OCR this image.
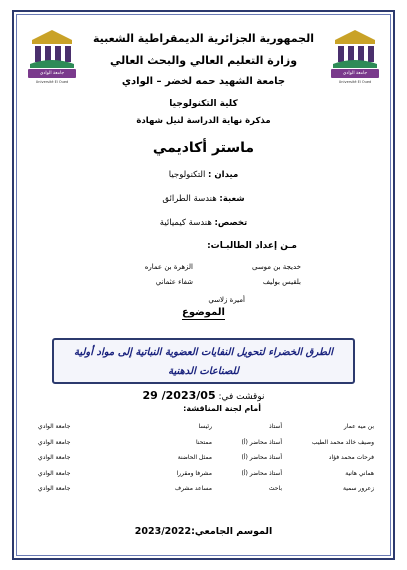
جامعة الوادي
Université El Oued
جامعة الوادي
Université El Oued
الجمهورية الجزائرية الديمقراطية الشعبية
وزارة التعليم العالي والبحث العالي
جامعة الشهيد حمه لخضر – الوادي
كلية التكنولوجيا
مذكرة نهاية الدراسة لنيل شهادة
ماستر أكاديمي
ميدان : التكنولوجيا
شعبة: هندسة الطرائق
تخصص: هندسة كيميائية
مـن إعداد الطالبـات:
خديجة بن موسى
الزهرة بن عماره
بلقيس بوليف
شفاء عثماني
أميرة زلاسي
الموضوع
الطرق الخضراء لتحويل النفايات العضوية النباتية إلى مواد أولية للصناعات الدهنية
نوقشت في: 2023/05/ 29
أمام لجنة المناقشة:
بن ميه عمار	أستاذ	رئيسا	جامعة الوادي
وصيف خالد محمد الطيب	أستاذ محاضر (أ)	ممتحنا	جامعة الوادي
فرحات محمد فؤاد	أستاذ محاضر (أ)	ممثل الحاضنة	جامعة الوادي
هماني هانية	أستاذ محاضر (أ)	مشرفا ومقررا	جامعة الوادي
زعرور سمية	باحث	مساعد مشرف	جامعة الوادي
الموسم الجامعي:2023/2022
